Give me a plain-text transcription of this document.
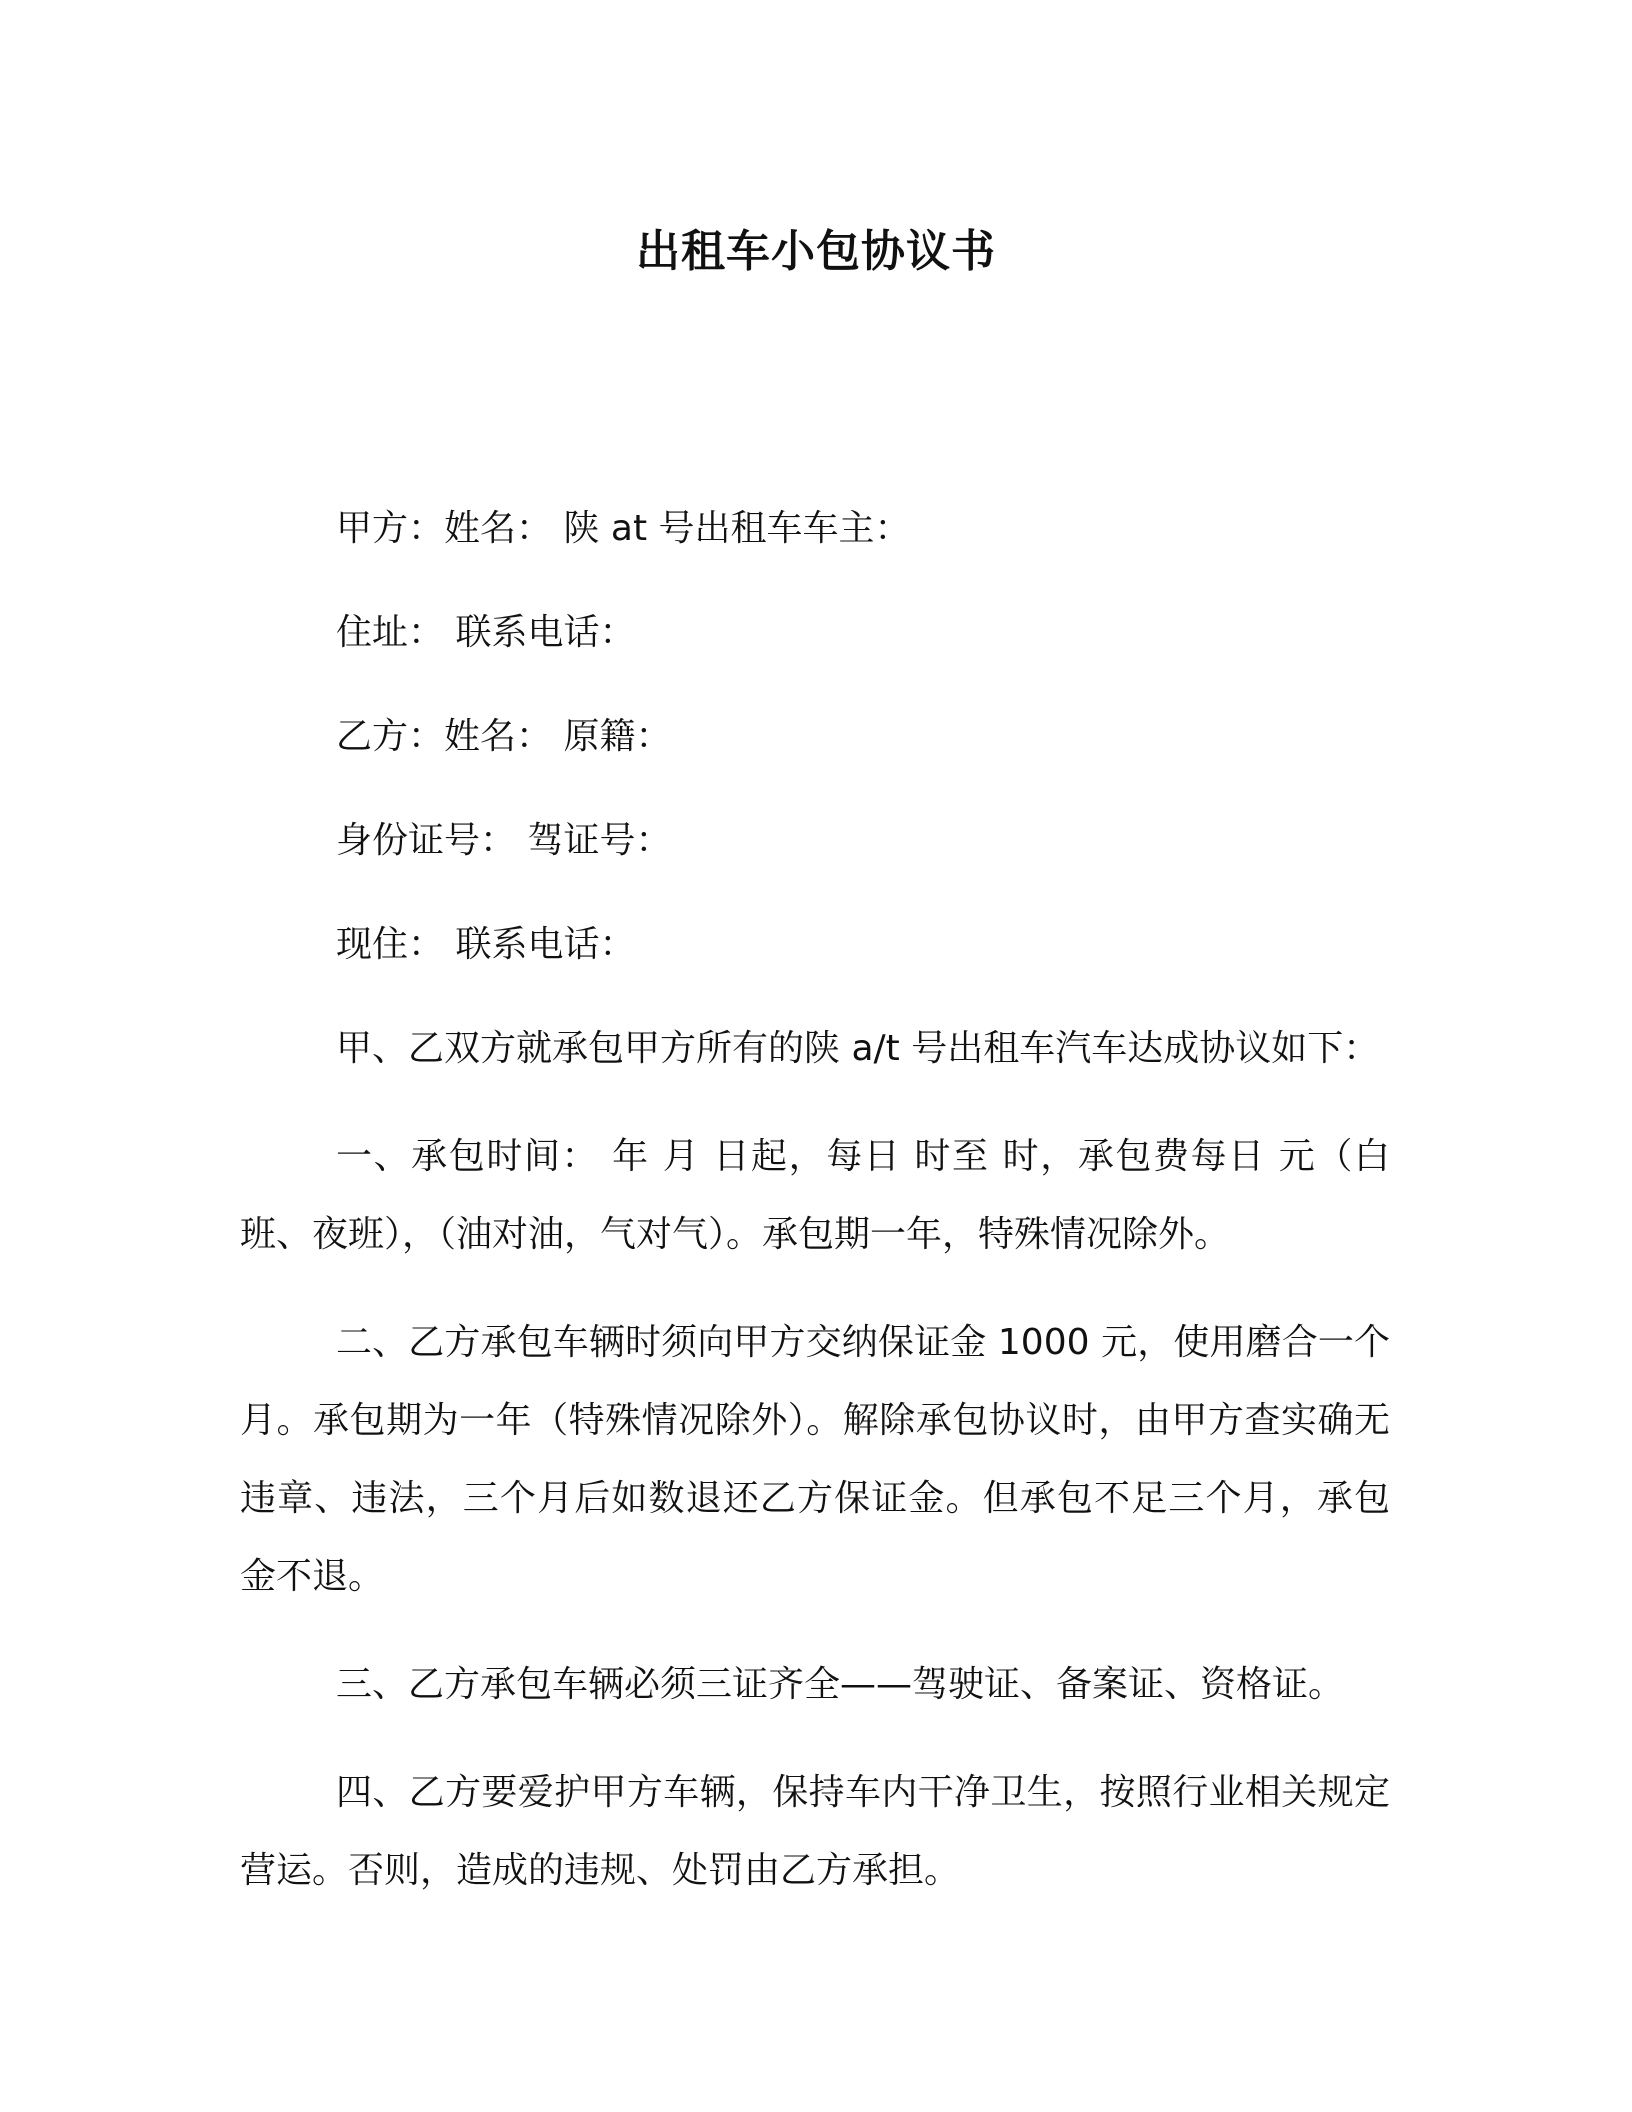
出租车小包协议书
甲方：姓名： 陕 at 号出租车车主：
住址： 联系电话：
乙方：姓名： 原籍：
身份证号： 驾证号：
现住： 联系电话：
甲、乙双方就承包甲方所有的陕 a/t 号出租车汽车达成协议如下：
一、承包时间： 年 月 日起，每日 时至 时，承包费每日 元（白班、夜班），（油对油，气对气）。承包期一年，特殊情况除外。
二、乙方承包车辆时须向甲方交纳保证金 1000 元，使用磨合一个月。承包期为一年（特殊情况除外）。解除承包协议时，由甲方查实确无违章、违法，三个月后如数退还乙方保证金。但承包不足三个月，承包金不退。
三、乙方承包车辆必须三证齐全——驾驶证、备案证、资格证。
四、乙方要爱护甲方车辆，保持车内干净卫生，按照行业相关规定营运。否则，造成的违规、处罚由乙方承担。
